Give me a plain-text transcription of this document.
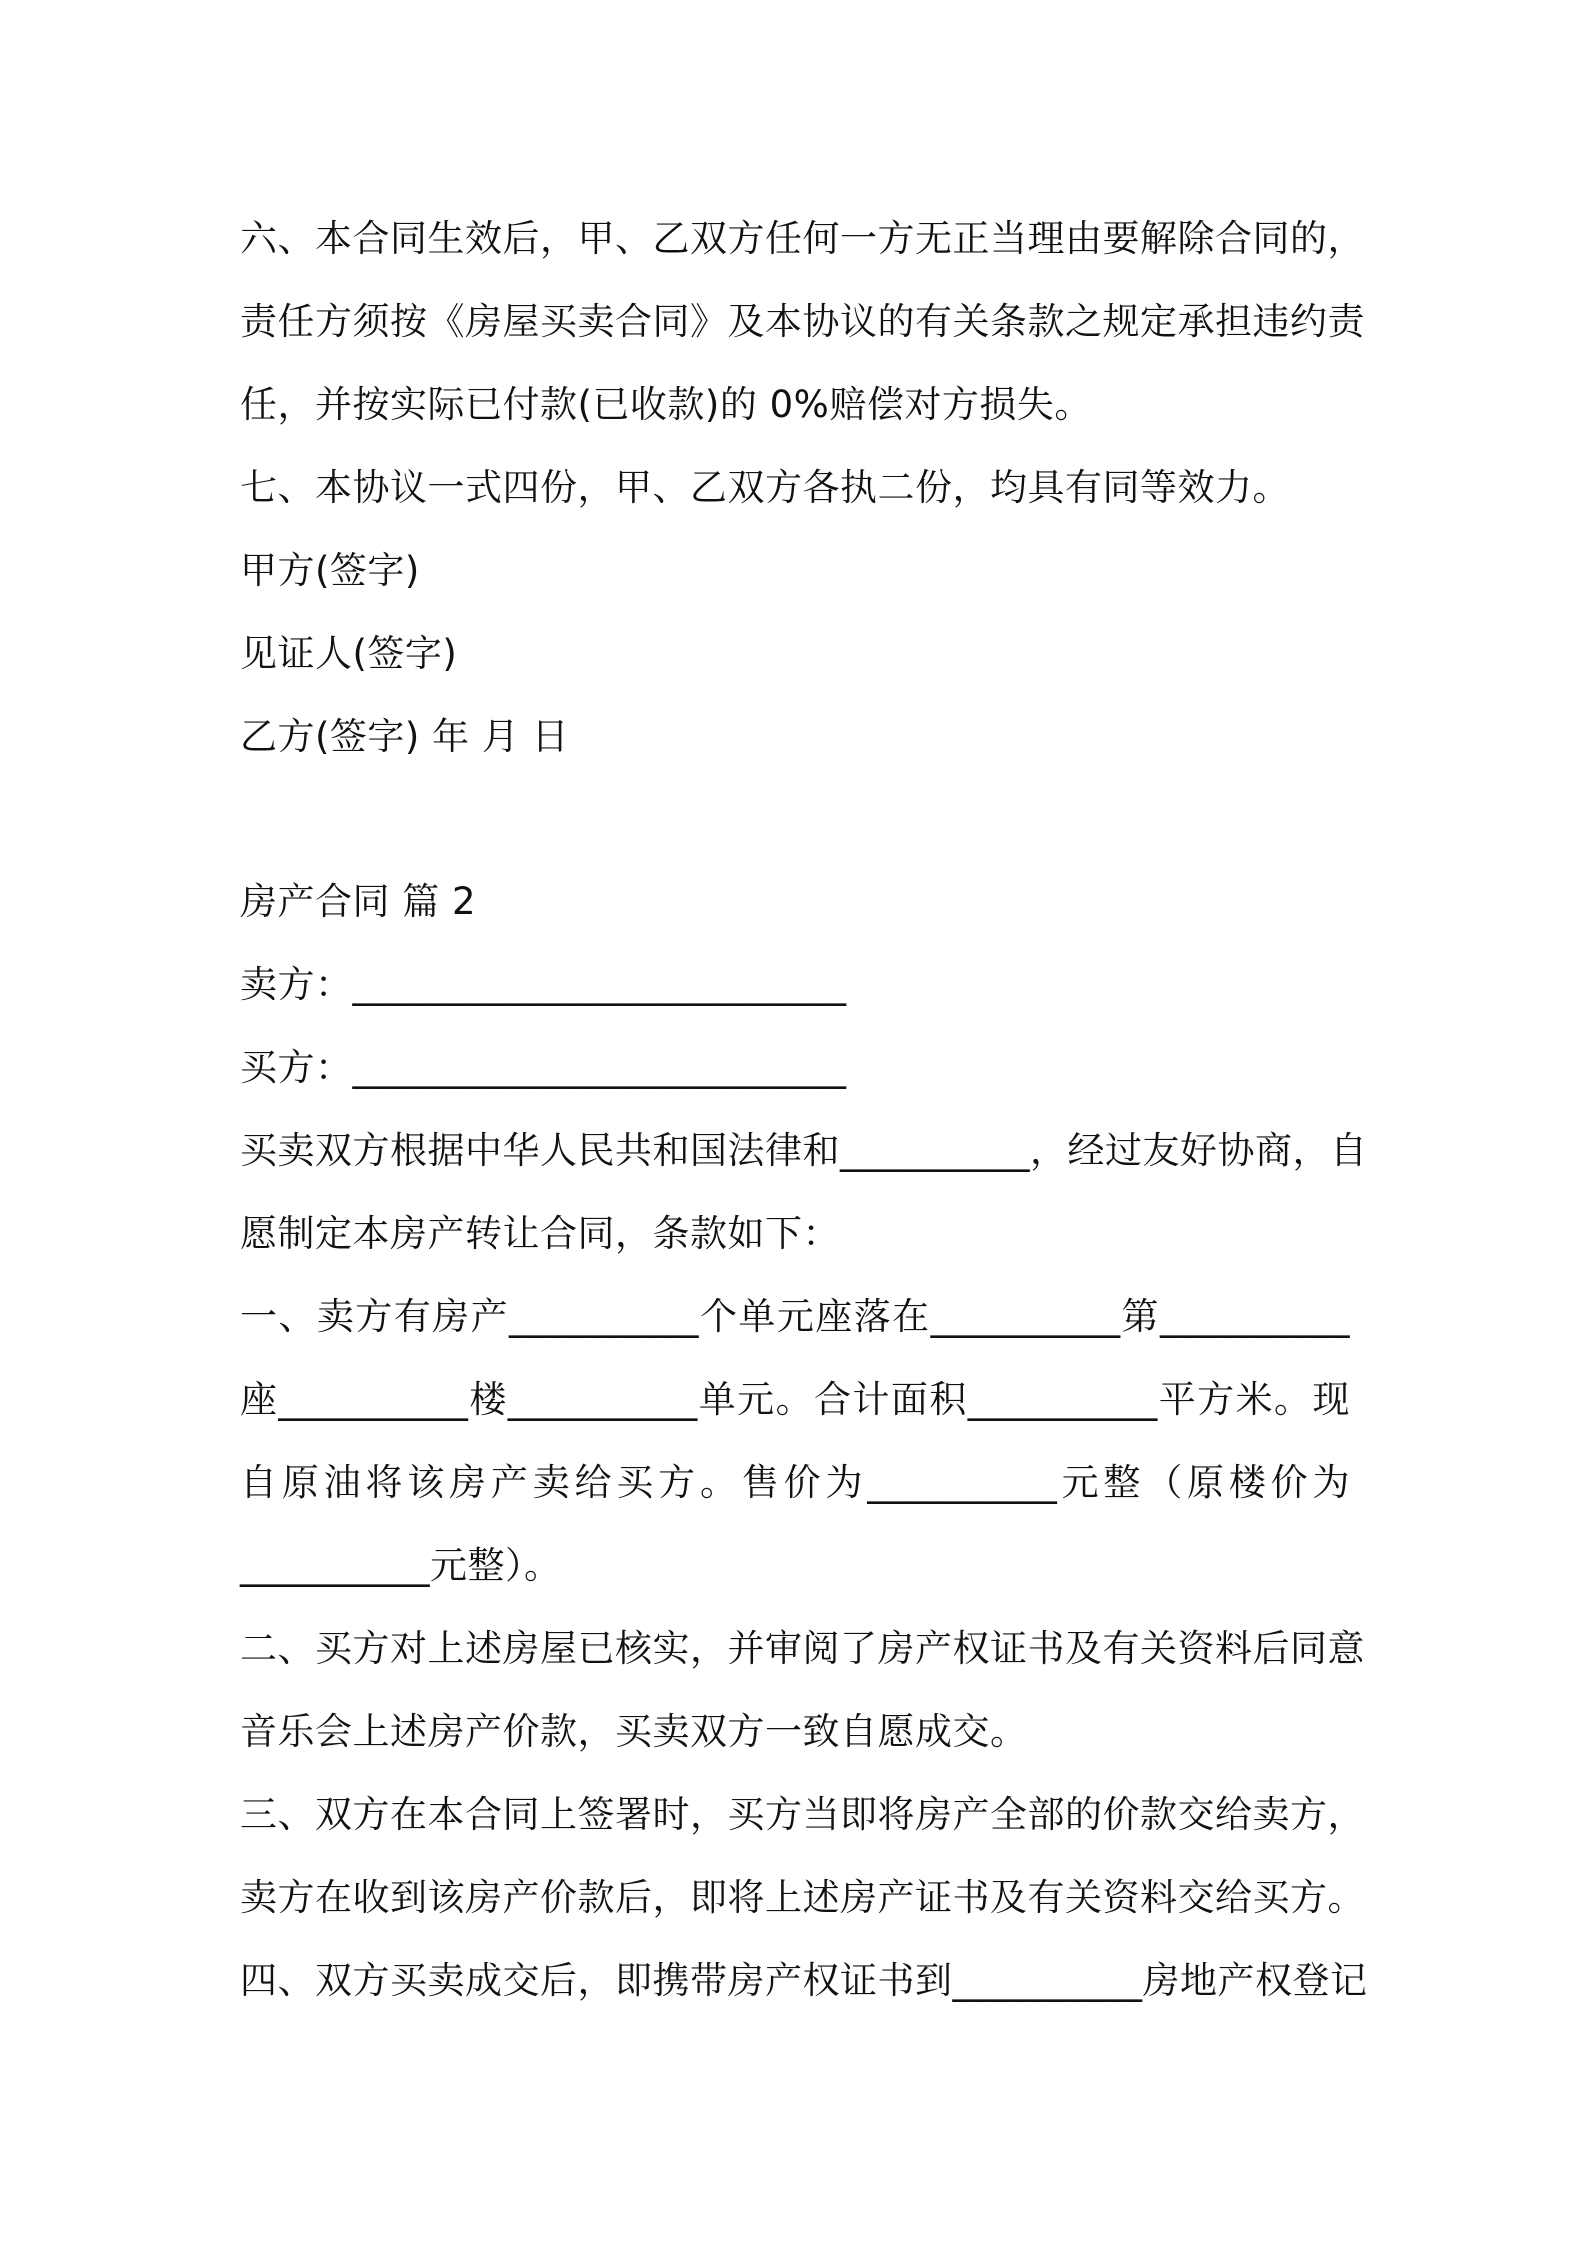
六、本合同生效后，甲、乙双方任何一方无正当理由要解除合同的，
责任方须按《房屋买卖合同》及本协议的有关条款之规定承担违约责
任，并按实际已付款(已收款)的 0%赔偿对方损失。
七、本协议一式四份，甲、乙双方各执二份，均具有同等效力。
甲方(签字)
见证人(签字)
乙方(签字) 年 月 日
房产合同 篇 2
卖方：__________________________
买方：__________________________
买卖双方根据中华人民共和国法律和__________，经过友好协商，自
愿制定本房产转让合同，条款如下：
一、卖方有房产__________个单元座落在__________第__________
座__________楼__________单元。合计面积__________平方米。现
自原油将该房产卖给买方。售价为__________元整（原楼价为
__________元整）。
二、买方对上述房屋已核实，并审阅了房产权证书及有关资料后同意
音乐会上述房产价款，买卖双方一致自愿成交。
三、双方在本合同上签署时，买方当即将房产全部的价款交给卖方，
卖方在收到该房产价款后，即将上述房产证书及有关资料交给买方。
四、双方买卖成交后，即携带房产权证书到__________房地产权登记
